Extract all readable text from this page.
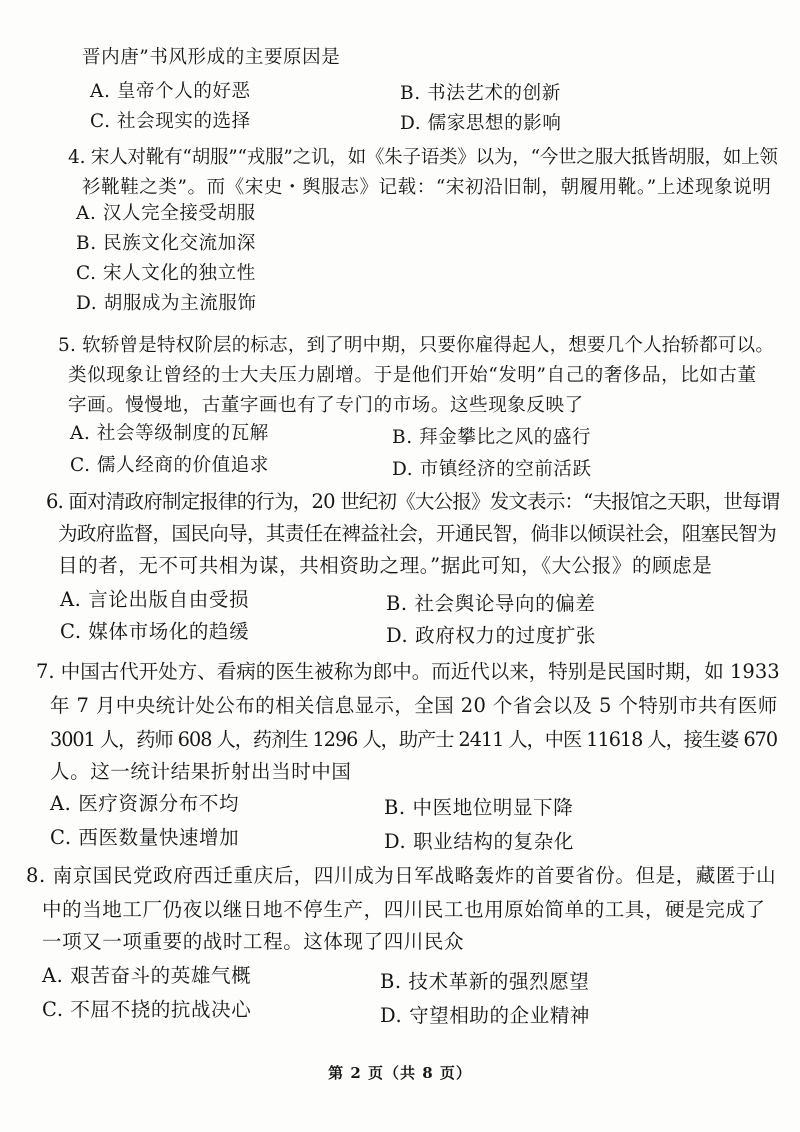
晋内唐”书风形成的主要原因是
A. 皇帝个人的好恶	B. 书法艺术的创新
C. 社会现实的选择	D. 儒家思想的影响
4. 宋人对靴有“胡服”“戎服”之讥，如《朱子语类》以为，“今世之服大抵皆胡服，如上领
衫靴鞋之类”。而《宋史・舆服志》记载：“宋初沿旧制，朝履用靴。”上述现象说明
A. 汉人完全接受胡服
B. 民族文化交流加深
C. 宋人文化的独立性
D. 胡服成为主流服饰
5. 软轿曾是特权阶层的标志，到了明中期，只要你雇得起人，想要几个人抬轿都可以。
类似现象让曾经的士大夫压力剧增。于是他们开始“发明”自己的奢侈品，比如古董
字画。慢慢地，古董字画也有了专门的市场。这些现象反映了
A. 社会等级制度的瓦解	B. 拜金攀比之风的盛行
C. 儒人经商的价值追求	D. 市镇经济的空前活跃
6. 面对清政府制定报律的行为，20 世纪初《大公报》发文表示：“夫报馆之天职，世每谓
为政府监督，国民向导，其责任在裨益社会，开通民智，倘非以倾误社会，阻塞民智为
目的者，无不可共相为谋，共相资助之理。”据此可知，《大公报》的顾虑是
A. 言论出版自由受损	B. 社会舆论导向的偏差
C. 媒体市场化的趋缓	D. 政府权力的过度扩张
7. 中国古代开处方、看病的医生被称为郎中。而近代以来，特别是民国时期，如 1933
年 7 月中央统计处公布的相关信息显示，全国 20 个省会以及 5 个特别市共有医师
3001 人，药师 608 人，药剂生 1296 人，助产士 2411 人，中医 11618 人，接生婆 670
人。这一统计结果折射出当时中国
A. 医疗资源分布不均	B. 中医地位明显下降
C. 西医数量快速增加	D. 职业结构的复杂化
8. 南京国民党政府西迁重庆后，四川成为日军战略轰炸的首要省份。但是，藏匿于山
中的当地工厂仍夜以继日地不停生产，四川民工也用原始简单的工具，硬是完成了
一项又一项重要的战时工程。这体现了四川民众
A. 艰苦奋斗的英雄气概	B. 技术革新的强烈愿望
C. 不屈不挠的抗战决心	D. 守望相助的企业精神
第 2 页（共 8 页）
